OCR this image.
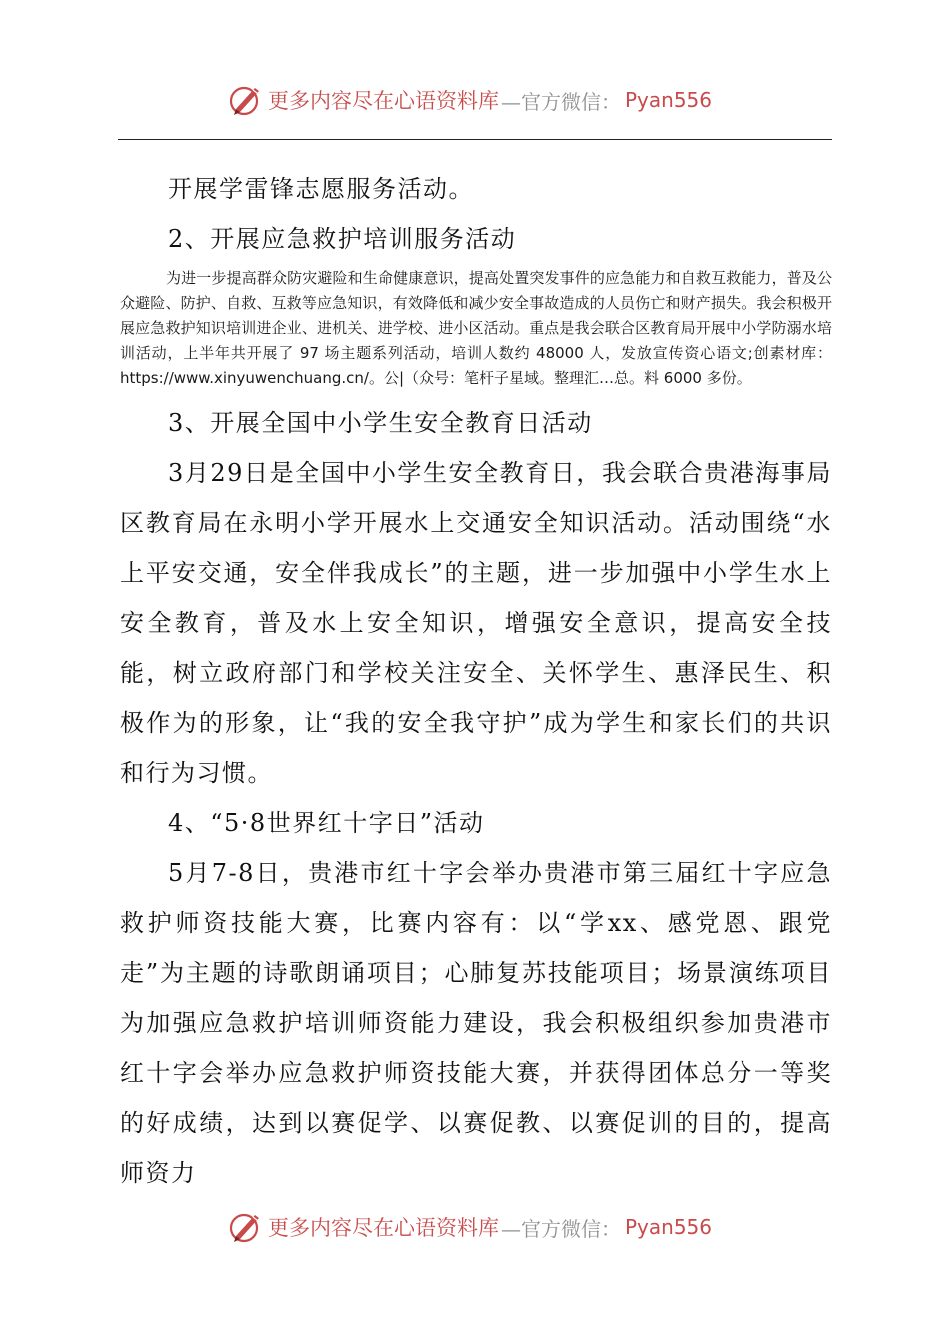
更多内容尽在心语资料库 —官方微信： Pyan556

开展学雷锋志愿服务活动。

2、开展应急救护培训服务活动

为进一步提高群众防灾避险和生命健康意识，提高处置突发事件的应急能力和自救互救能力，普及公众避险、防护、自救、互救等应急知识，有效降低和减少安全事故造成的人员伤亡和财产损失。我会积极开展应急救护知识培训进企业、进机关、进学校、进小区活动。重点是我会联合区教育局开展中小学防溺水培训活动，上半年共开展了 97 场主题系列活动，培训人数约 48000 人，发放宣传资心语文;创素材库：https://www.xinyuwenchuang.cn/。公|（众号：笔杆子星域。整理汇…总。料 6000 多份。

3、开展全国中小学生安全教育日活动

3月29日是全国中小学生安全教育日，我会联合贵港海事局区教育局在永明小学开展水上交通安全知识活动。活动围绕“水上平安交通，安全伴我成长”的主题，进一步加强中小学生水上安全教育，普及水上安全知识，增强安全意识，提高安全技能，树立政府部门和学校关注安全、关怀学生、惠泽民生、积极作为的形象，让“我的安全我守护”成为学生和家长们的共识和行为习惯。

4、“5·8世界红十字日”活动

5月7-8日，贵港市红十字会举办贵港市第三届红十字应急救护师资技能大赛，比赛内容有：以“学xx、感党恩、跟党走”为主题的诗歌朗诵项目；心肺复苏技能项目；场景演练项目为加强应急救护培训师资能力建设，我会积极组织参加贵港市红十字会举办应急救护师资技能大赛，并获得团体总分一等奖的好成绩，达到以赛促学、以赛促教、以赛促训的目的，提高师资力

更多内容尽在心语资料库 —官方微信： Pyan556
